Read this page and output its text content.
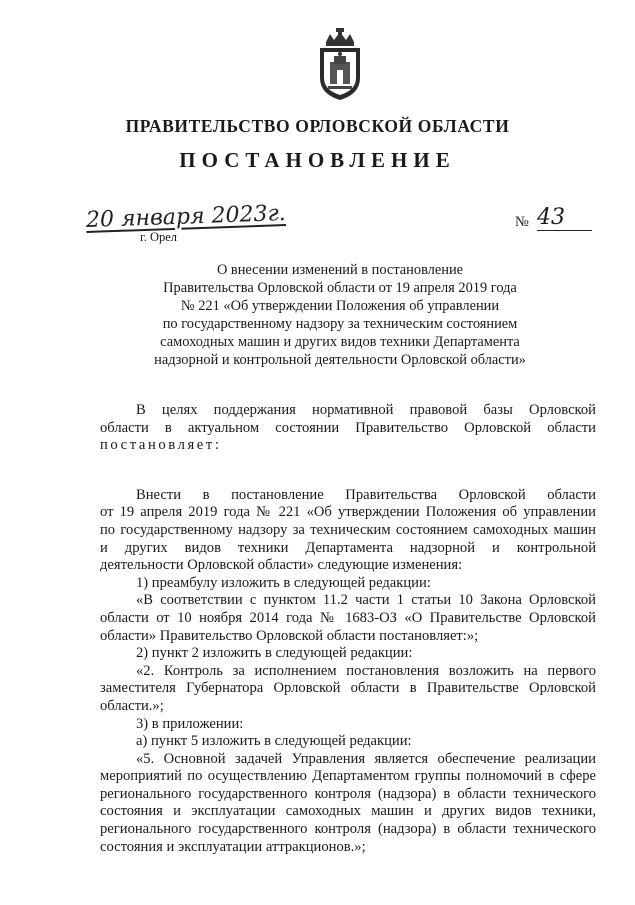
ПРАВИТЕЛЬСТВО ОРЛОВСКОЙ ОБЛАСТИ
ПОСТАНОВЛЕНИЕ
20 января 2023г.
г. Орел
№ 43
О внесении изменений в постановление
Правительства Орловской области от 19 апреля 2019 года
№ 221 «Об утверждении Положения об управлении
по государственному надзору за техническим состоянием
самоходных машин и других видов техники Департамента
надзорной и контрольной деятельности Орловской области»

В целях поддержания нормативной правовой базы Орловской
области в актуальном состоянии Правительство Орловской области
постановляет:

Внести в постановление Правительства Орловской области
от 19 апреля 2019 года № 221 «Об утверждении Положения об управлении
по государственному надзору за техническим состоянием самоходных машин
и других видов техники Департамента надзорной и контрольной
деятельности Орловской области» следующие изменения:

1) преамбулу изложить в следующей редакции:

«В соответствии с пунктом 11.2 части 1 статьи 10 Закона Орловской
области от 10 ноября 2014 года № 1683-ОЗ «О Правительстве Орловской
области» Правительство Орловской области постановляет:»;

2) пункт 2 изложить в следующей редакции:

«2. Контроль за исполнением постановления возложить на первого
заместителя Губернатора Орловской области в Правительстве Орловской
области.»;

3) в приложении:
а) пункт 5 изложить в следующей редакции:

«5. Основной задачей Управления является обеспечение реализации
мероприятий по осуществлению Департаментом группы полномочий в сфере
регионального государственного контроля (надзора) в области технического
состояния и эксплуатации самоходных машин и других видов техники,
регионального государственного контроля (надзора) в области технического
состояния и эксплуатации аттракционов.»;
